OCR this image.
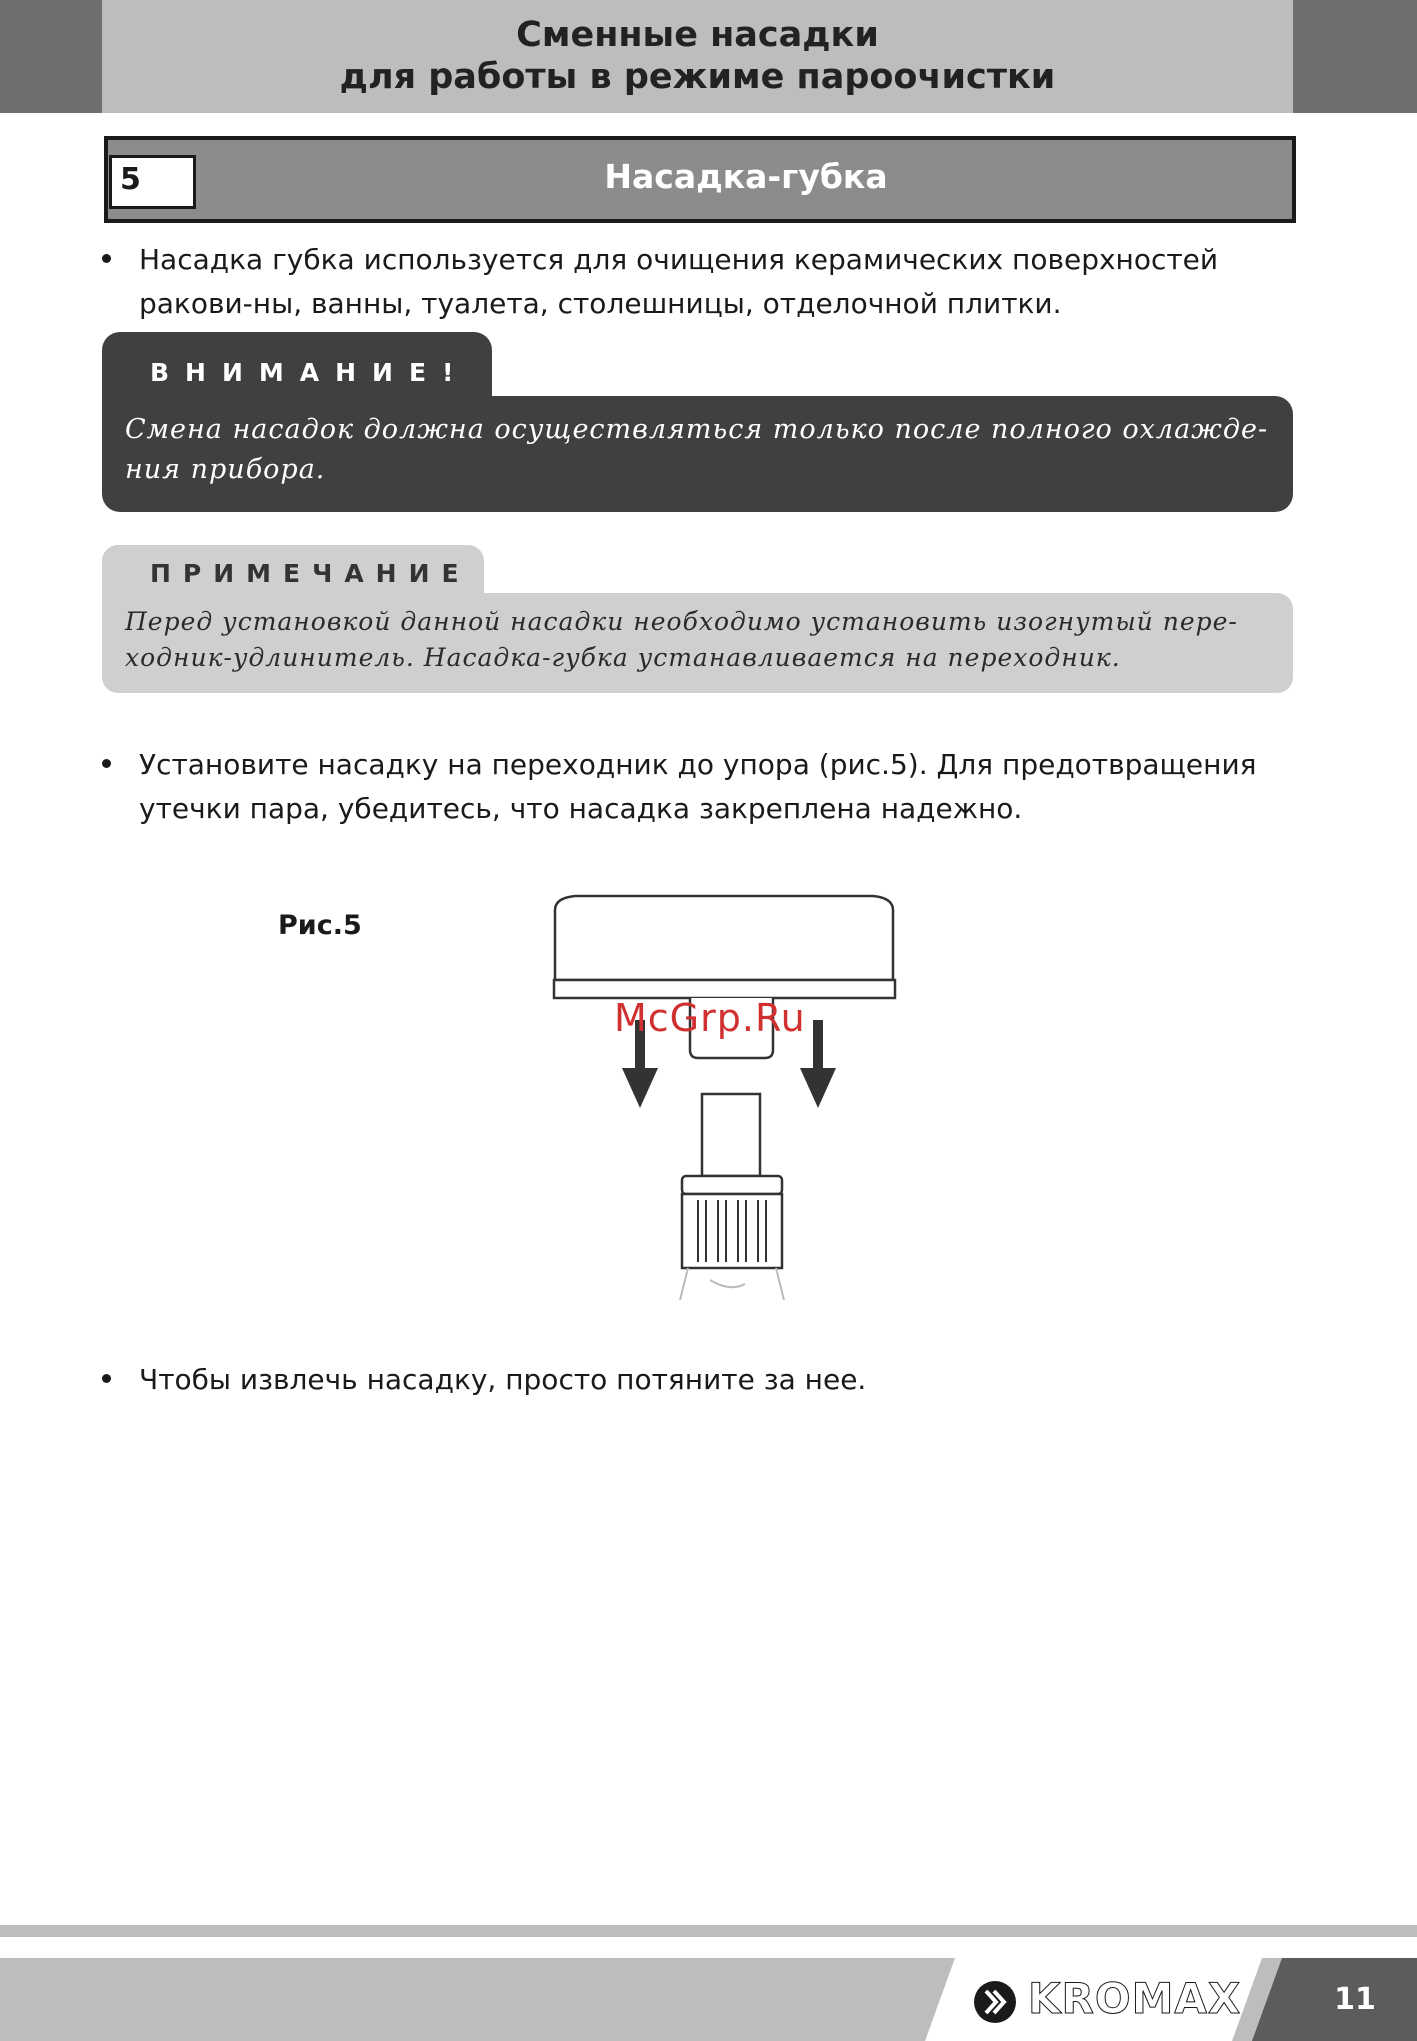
Сменные насадки
для работы в режиме пароочистки
5	Насадка-губка
Насадка губка используется для очищения керамических поверхностей ракови-ны, ванны, туалета, столешницы, отделочной плитки.
ВНИМАНИЕ!
Смена насадок должна осуществляться только после полного охлажде-ния прибора.
ПРИМЕЧАНИЕ
Перед установкой данной насадки необходимо установить изогнутый пере-ходник-удлинитель. Насадка-губка устанавливается на переходник.
Установите насадку на переходник до упора (рис.5). Для предотвращения утечки пара, убедитесь, что насадка закреплена надежно.
Рис.5
McGrp.Ru
Чтобы извлечь насадку, просто потяните за нее.
KROMAX	11
